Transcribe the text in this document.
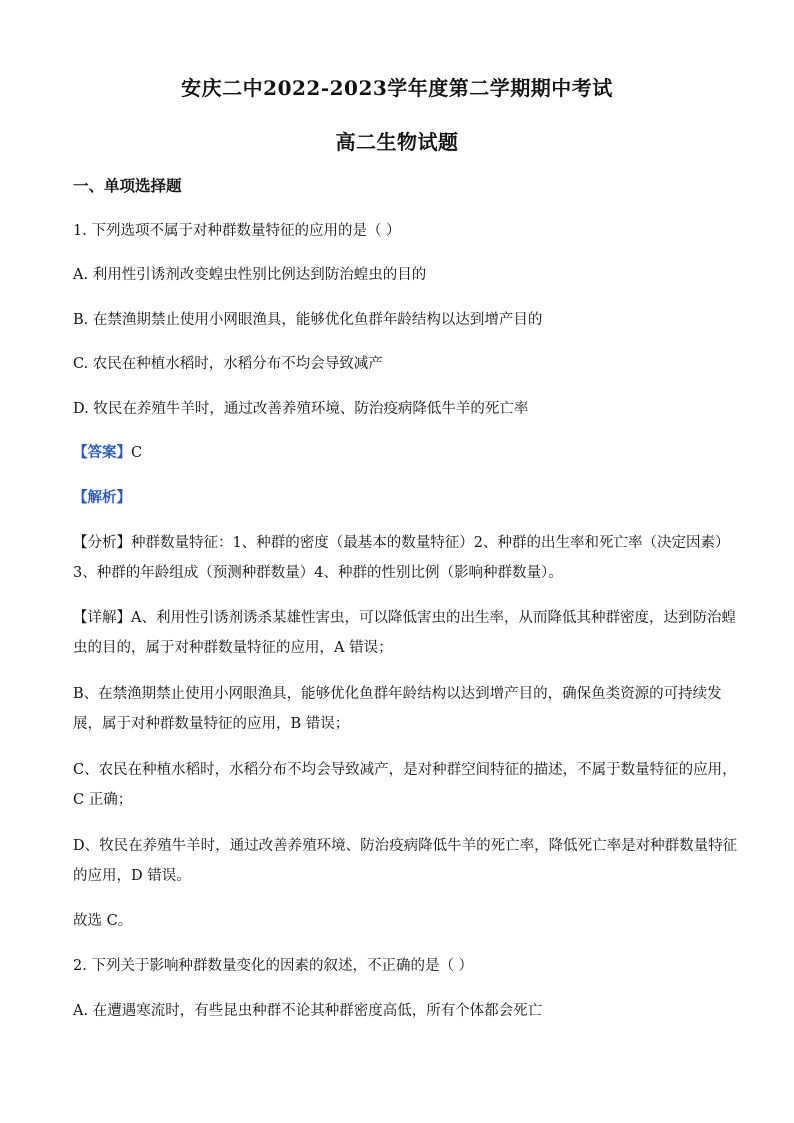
安庆二中2022-2023学年度第二学期期中考试
高二生物试题
一、单项选择题
1. 下列选项不属于对种群数量特征的应用的是（ ）
A. 利用性引诱剂改变蝗虫性别比例达到防治蝗虫的目的
B. 在禁渔期禁止使用小网眼渔具，能够优化鱼群年龄结构以达到增产目的
C. 农民在种植水稻时，水稻分布不均会导致减产
D. 牧民在养殖牛羊时，通过改善养殖环境、防治疫病降低牛羊的死亡率
【答案】C
【解析】
【分析】种群数量特征：1、种群的密度（最基本的数量特征）2、种群的出生率和死亡率（决定因素）
3、种群的年龄组成（预测种群数量）4、种群的性别比例（影响种群数量）。
【详解】A、利用性引诱剂诱杀某雄性害虫，可以降低害虫的出生率，从而降低其种群密度，达到防治蝗
虫的目的，属于对种群数量特征的应用，A 错误；
B、在禁渔期禁止使用小网眼渔具，能够优化鱼群年龄结构以达到增产目的，确保鱼类资源的可持续发
展，属于对种群数量特征的应用，B 错误；
C、农民在种植水稻时，水稻分布不均会导致减产，是对种群空间特征的描述，不属于数量特征的应用，
C 正确；
D、牧民在养殖牛羊时，通过改善养殖环境、防治疫病降低牛羊的死亡率，降低死亡率是对种群数量特征
的应用，D 错误。
故选 C。
2. 下列关于影响种群数量变化的因素的叙述，不正确的是（ ）
A. 在遭遇寒流时，有些昆虫种群不论其种群密度高低，所有个体都会死亡
